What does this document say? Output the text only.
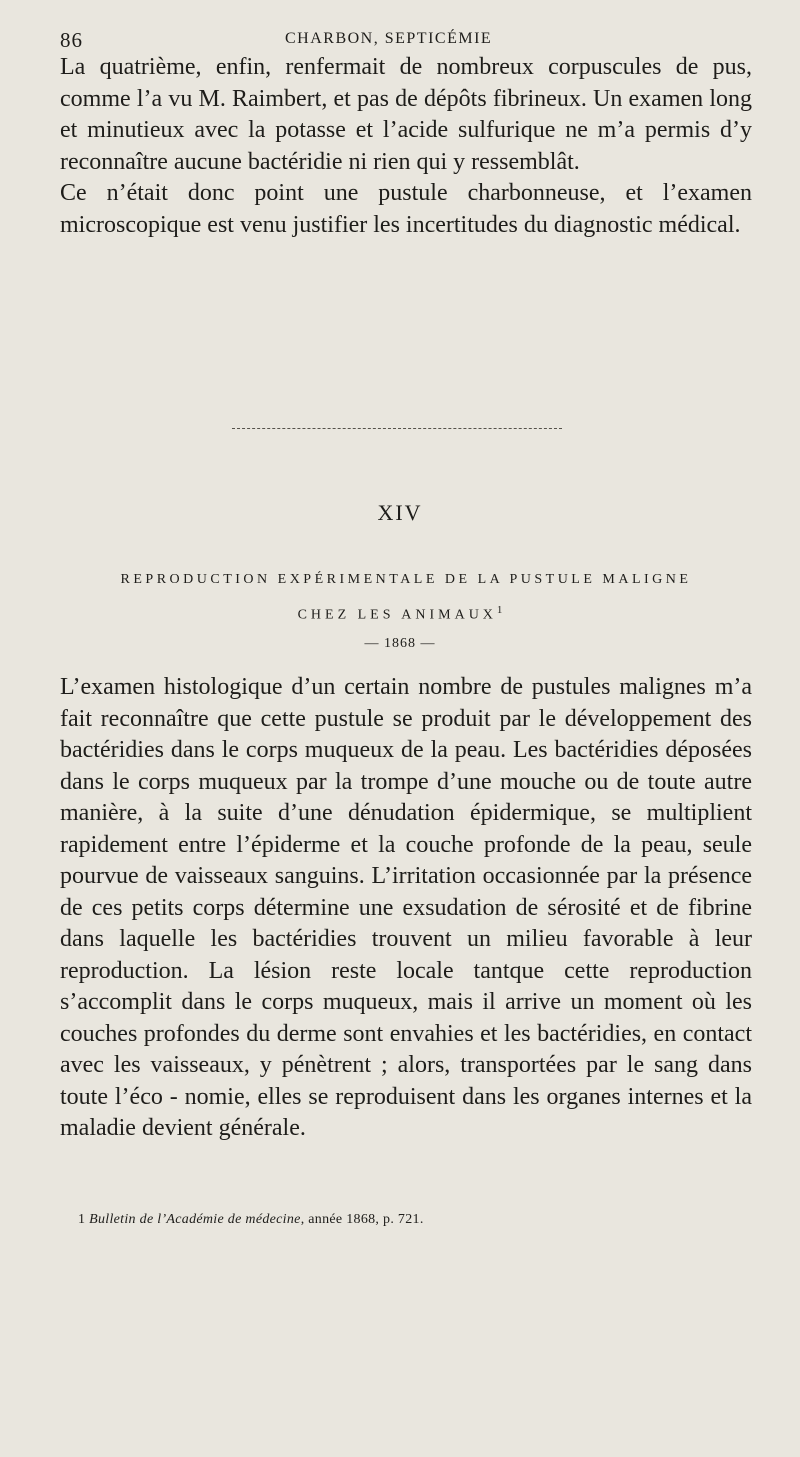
86	CHARBON, SEPTICÉMIE

La quatrième, enfin, renfermait de nombreux corpuscules de pus, comme l’a vu M. Raimbert, et pas de dépôts fibrineux. Un examen long et minutieux avec la potasse et l’acide sulfurique ne m’a permis d’y reconnaître aucune bactéridie ni rien qui y ressemblât.

Ce n’était donc point une pustule charbonneuse, et l’examen microscopique est venu justifier les incertitudes du diagnostic médical.

XIV
REPRODUCTION EXPÉRIMENTALE DE LA PUSTULE MALIGNE
CHEZ LES ANIMAUX$^1$
— 1868 —

L’examen histologique d’un certain nombre de pustules malignes m’a fait reconnaître que cette pustule se produit par le développement des bactéridies dans le corps muqueux de la peau. Les bactéridies déposées dans le corps muqueux par la trompe d’une mouche ou de toute autre manière, à la suite d’une dénudation épidermique, se multiplient rapidement entre l’épiderme et la couche profonde de la peau, seule pourvue de vaisseaux sanguins. L’irritation occasionnée par la présence de ces petits corps détermine une exsudation de sérosité et de fibrine dans laquelle les bactéridies trouvent un milieu favorable à leur reproduction. La lésion reste locale tantque cette reproduction s’accomplit dans le corps muqueux, mais il arrive un moment où les couches profondes du derme sont envahies et les bactéridies, en contact avec les vaisseaux, y pénètrent ; alors, transportées par le sang dans toute l’éco - nomie, elles se reproduisent dans les organes internes et la maladie devient générale.

1 Bulletin de l’Académie de médecine, année 1868, p. 721.
